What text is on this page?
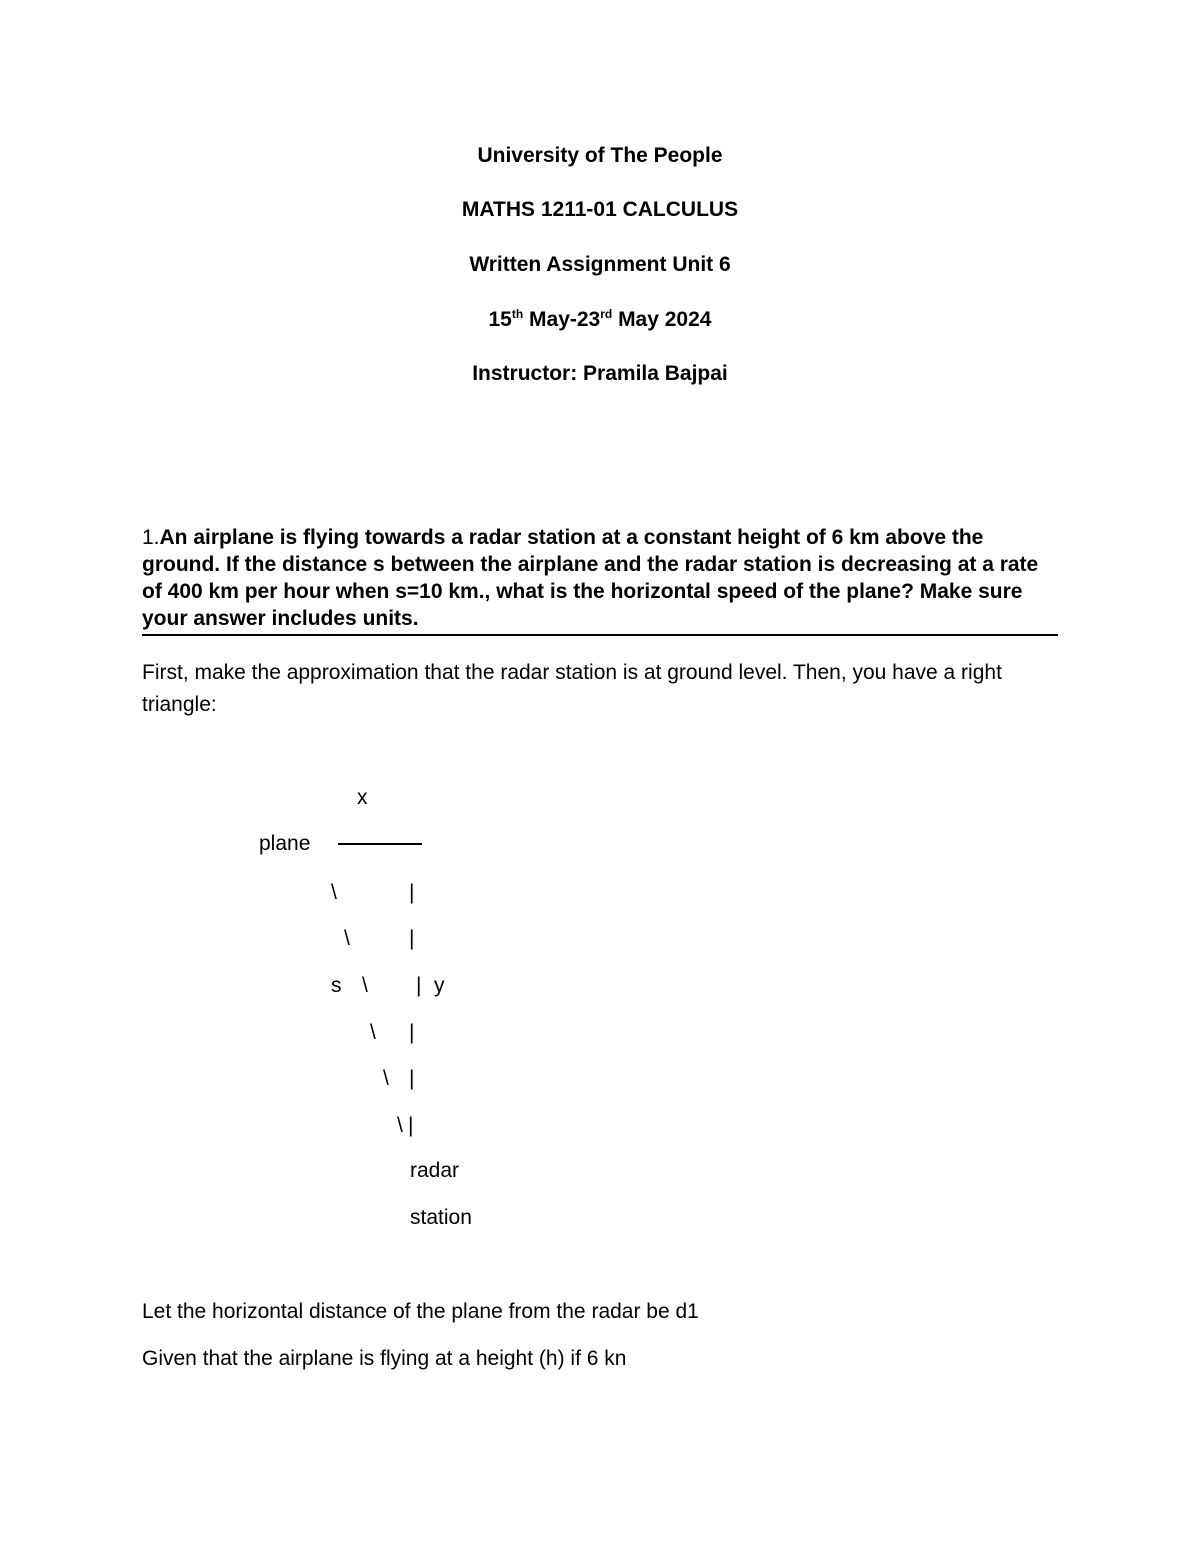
University of The People
MATHS 1211-01 CALCULUS
Written Assignment Unit 6
15th May-23rd May 2024
Instructor: Pramila Bajpai
1.An airplane is flying towards a radar station at a constant height of 6 km above the ground. If the distance s between the airplane and the radar station is decreasing at a rate of 400 km per hour when s=10 km., what is the horizontal speed of the plane? Make sure your answer includes units.
First, make the approximation that the radar station is at ground level. Then, you have a right triangle:
x
plane
\	|
\	|
s \ | y
\ |
\ |
\ |
radar
station
Let the horizontal distance of the plane from the radar be d1
Given that the airplane is flying at a height (h) if 6 kn
